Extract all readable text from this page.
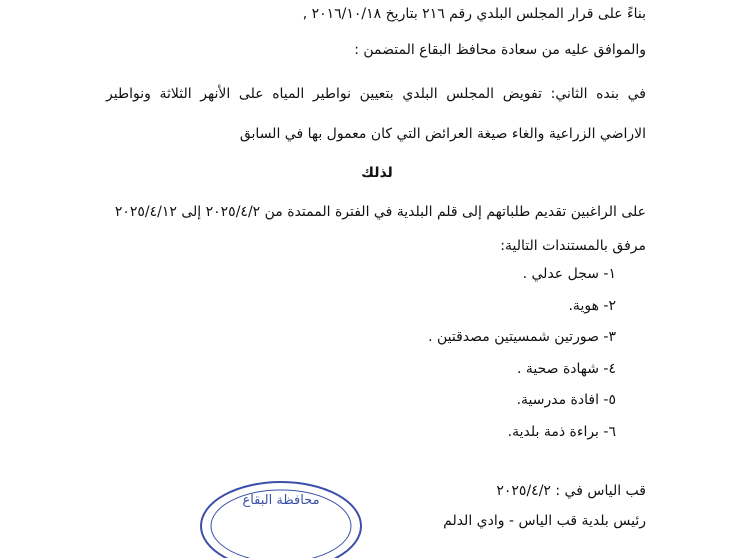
بناءً على قرار المجلس البلدي رقم ٢١٦ بتاريخ ٢٠١٦/١٠/١٨ ,
والموافق عليه من سعادة محافظ البقاع المتضمن :
في بنده الثاني: تفويض المجلس البلدي بتعيين نواطير المياه على الأنهر الثلاثة ونواطير
الاراضي الزراعية والغاء صيغة العرائض التي كان معمول بها في السابق
لذلك
على الراغبين تقديم طلباتهم إلى قلم البلدية في الفترة الممتدة من ٢٠٢٥/٤/٢ إلى ٢٠٢٥/٤/١٢
مرفق بالمستندات التالية:
١- سجل عدلي .
٢- هوية.
٣- صورتين شمسيتين مصدقتين .
٤- شهادة صحية .
٥- افادة مدرسية.
٦- براءة ذمة بلدية.
قب الياس في : ٢٠٢٥/٤/٢
رئيس بلدية قب الياس - وادي الدلم
محافظة البقاع
